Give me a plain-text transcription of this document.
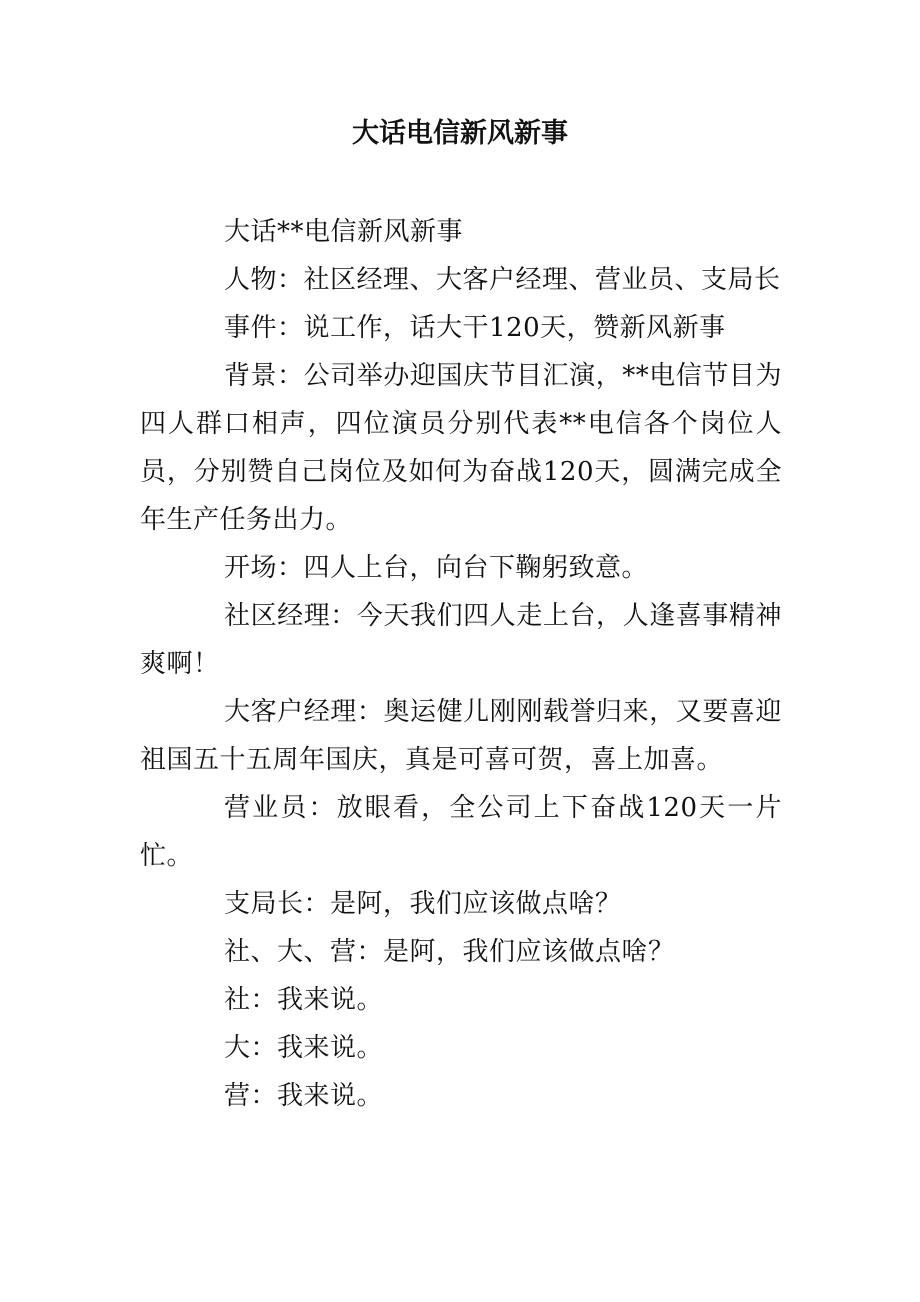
大话电信新风新事

大话**电信新风新事

人物：社区经理、大客户经理、营业员、支局长

事件：说工作，话大干120天，赞新风新事

背景：公司举办迎国庆节目汇演，**电信节目为四人群口相声，四位演员分别代表**电信各个岗位人员，分别赞自己岗位及如何为奋战120天，圆满完成全年生产任务出力。

开场：四人上台，向台下鞠躬致意。

社区经理：今天我们四人走上台，人逢喜事精神爽啊！

大客户经理：奥运健儿刚刚载誉归来，又要喜迎祖国五十五周年国庆，真是可喜可贺，喜上加喜。

营业员：放眼看，全公司上下奋战120天一片忙。

支局长：是阿，我们应该做点啥？

社、大、营：是阿，我们应该做点啥？

社：我来说。

大：我来说。

营：我来说。
